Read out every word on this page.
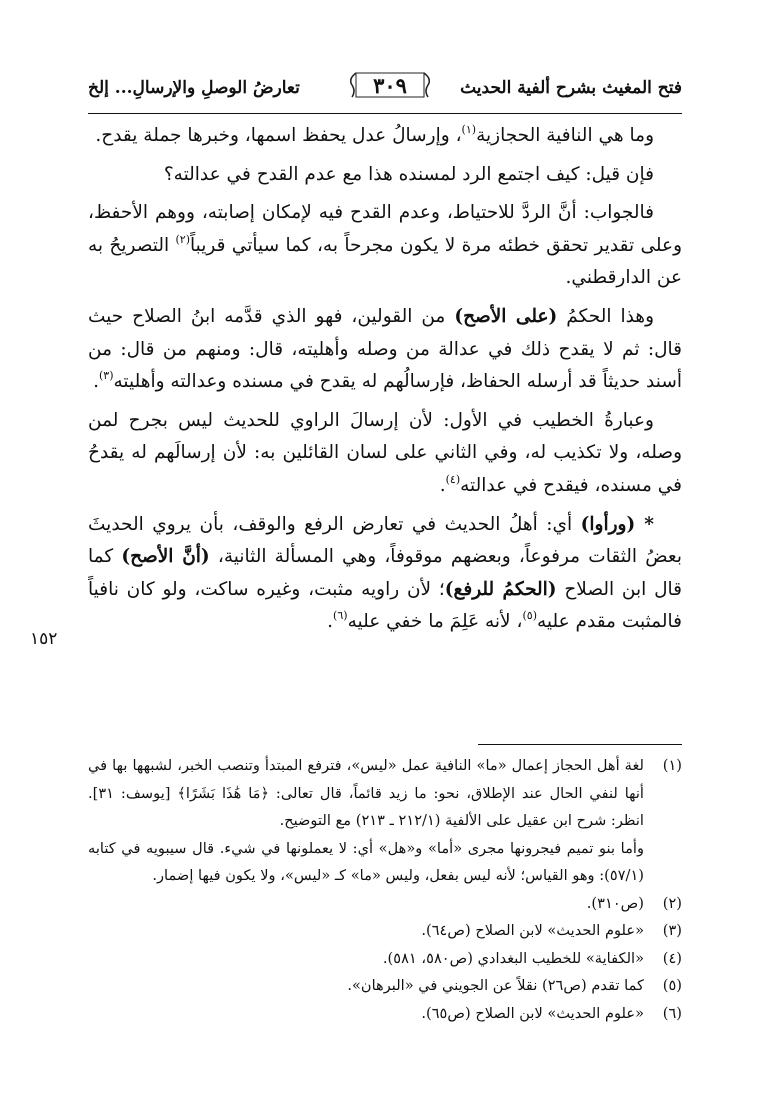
فتح المغيث بشرح ألفية الحديث
٣٠٩
تعارضُ الوصلِ والإرسالِ... إلخ

وما هي النافية الحجازية$^{(١)}$، وإرسالُ عدل يحفظ اسمها، وخبرها جملة يقدح.

فإن قيل: كيف اجتمع الرد لمسنده هذا مع عدم القدح في عدالته؟

فالجواب: أنَّ الردَّ للاحتياط، وعدم القدح فيه لإمكان إصابته، ووهم الأحفظ، وعلى تقدير تحقق خطئه مرة لا يكون مجرحاً به، كما سيأتي قريباً$^{(٢)}$ التصريحُ به عن الدارقطني.

وهذا الحكمُ (على الأصح) من القولين، فهو الذي قدَّمه ابنُ الصلاح حيث قال: ثم لا يقدح ذلك في عدالة من وصله وأهليته، قال: ومنهم من قال: من أسند حديثاً قد أرسله الحفاظ، فإرسالُهم له يقدح في مسنده وعدالته وأهليته$^{(٣)}$.

وعبارةُ الخطيب في الأول: لأن إرسالَ الراوي للحديث ليس بجرح لمن وصله، ولا تكذيب له، وفي الثاني على لسان القائلين به: لأن إرسالَهم له يقدحُ في مسنده، فيقدح في عدالته$^{(٤)}$.

* (ورأوا) أي: أهلُ الحديث في تعارض الرفع والوقف، بأن يروي الحديثَ بعضُ الثقات مرفوعاً، وبعضهم موقوفاً، وهي المسألة الثانية، (أنَّ الأصح) كما قال ابن الصلاح (الحكمُ للرفع)؛ لأن راويه مثبت، وغيره ساكت، ولو كان نافياً فالمثبت مقدم عليه$^{(٥)}$، لأنه عَلِمَ ما خفي عليه$^{(٦)}$.

١٥٢
(١)
لغة أهل الحجاز إعمال «ما» النافية عمل «ليس»، فترفع المبتدأ وتنصب الخبر، لشبهها بها في أنها لنفي الحال عند الإطلاق، نحو: ما زيد قائماً، قال تعالى: ﴿مَا هَٰذَا بَشَرًا﴾ [يوسف: ٣١]. انظر: شرح ابن عقيل على الألفية (٢١٢/١ ـ ٢١٣) مع التوضيح.
وأما بنو تميم فيجرونها مجرى «أما» و«هل» أي: لا يعملونها في شيء. قال سيبويه في كتابه (٥٧/١): وهو القياس؛ لأنه ليس بفعل، وليس «ما» كـ «ليس»، ولا يكون فيها إضمار.
(٢)
(ص٣١٠).
(٣)
«علوم الحديث» لابن الصلاح (ص٦٤).
(٤)
«الكفاية» للخطيب البغدادي (ص٥٨٠، ٥٨١).
(٥)
كما تقدم (ص٢٦) نقلاً عن الجويني في «البرهان».
(٦)
«علوم الحديث» لابن الصلاح (ص٦٥).
